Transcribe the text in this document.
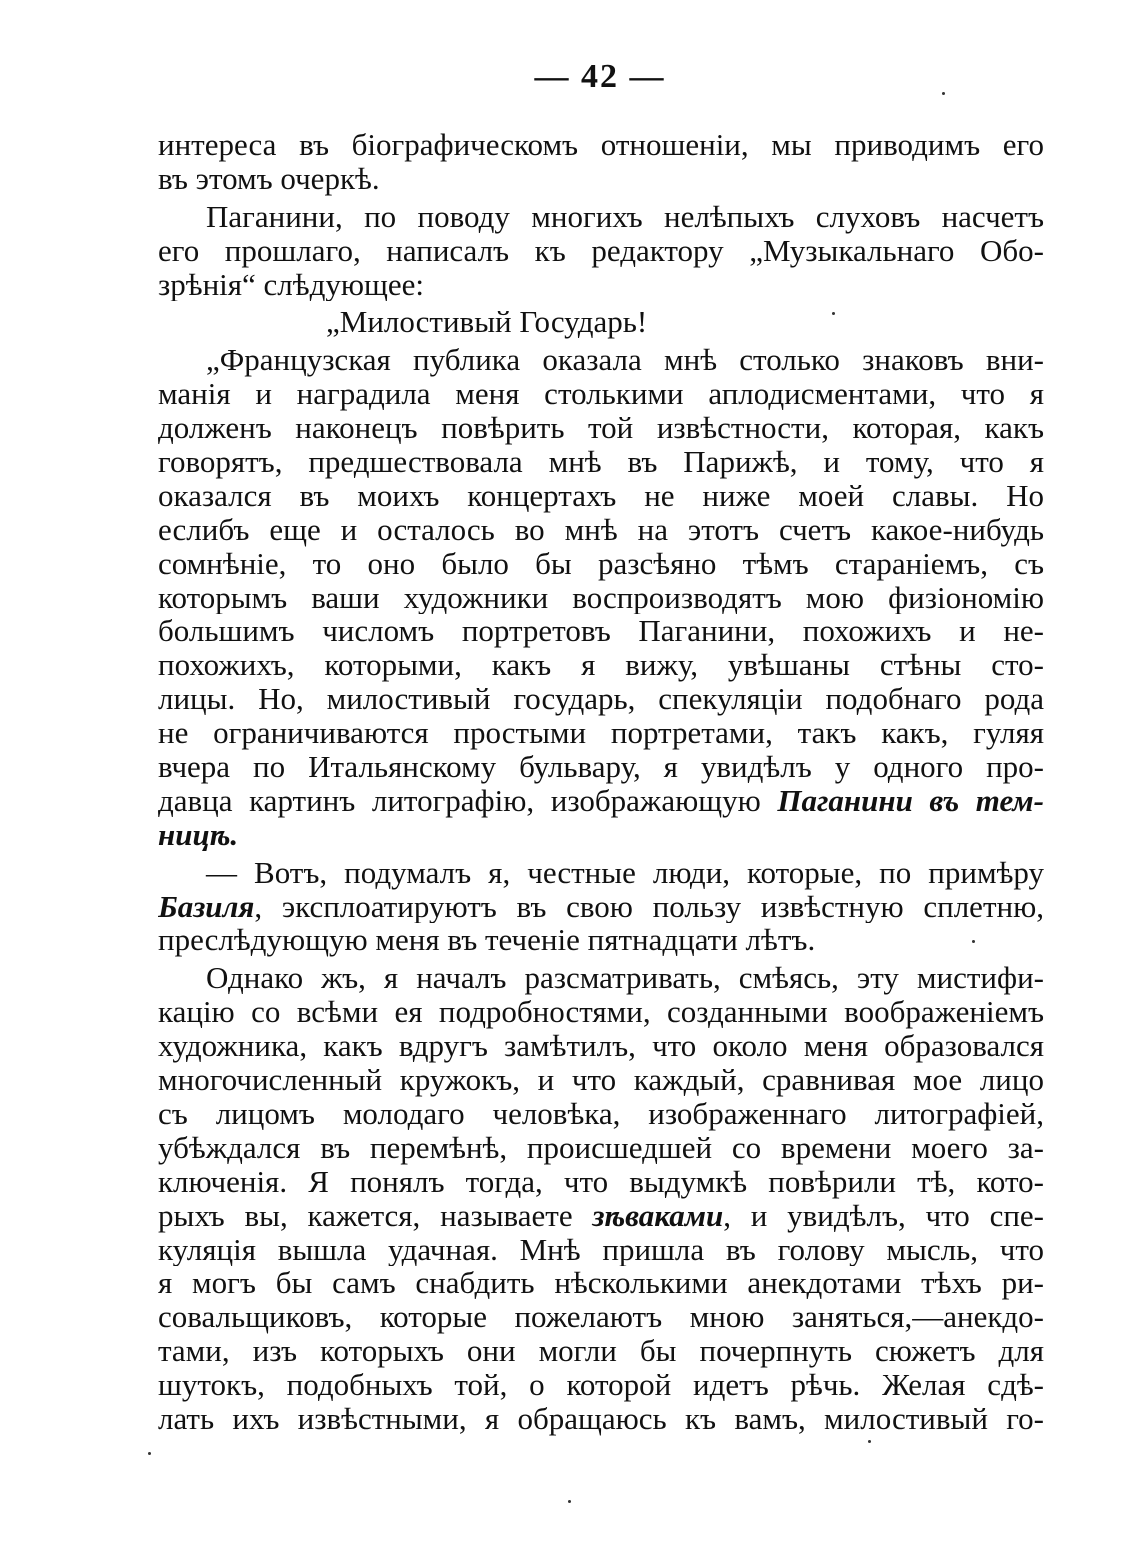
— 42 —
интереса въ біографическомъ отношеніи, мы приводимъ его
въ этомъ очеркѣ.
Паганини, по поводу многихъ нелѣпыхъ слуховъ насчетъ
его прошлаго, написалъ къ редактору „Музыкальнаго Обо-
зрѣнія“ слѣдующее:
„Милостивый Государь!
„Французская публика оказала мнѣ столько знаковъ вни-
манія и наградила меня столькими аплодисментами, что я
долженъ наконецъ повѣрить той извѣстности, которая, какъ
говорятъ, предшествовала мнѣ въ Парижѣ, и тому, что я
оказался въ моихъ концертахъ не ниже моей славы. Но
еслибъ еще и осталось во мнѣ на этотъ счетъ какое-нибудь
сомнѣніе, то оно было бы разсѣяно тѣмъ стараніемъ, съ
которымъ ваши художники воспроизводятъ мою физіономію
большимъ числомъ портретовъ Паганини, похожихъ и не-
похожихъ, которыми, какъ я вижу, увѣшаны стѣны сто-
лицы. Но, милостивый государь, спекуляціи подобнаго рода
не ограничиваются простыми портретами, такъ какъ, гуляя
вчера по Итальянскому бульвару, я увидѣлъ у одного про-
давца картинъ литографію, изображающую Паганини въ тем-
ницѣ.
— Вотъ, подумалъ я, честные люди, которые, по примѣру
Базиля, эксплоатируютъ въ свою пользу извѣстную сплетню,
преслѣдующую меня въ теченіе пятнадцати лѣтъ.
Однако жъ, я началъ разсматривать, смѣясь, эту мистифи-
кацію со всѣми ея подробностями, созданными воображеніемъ
художника, какъ вдругъ замѣтилъ, что около меня образовался
многочисленный кружокъ, и что каждый, сравнивая мое лицо
съ лицомъ молодаго человѣка, изображеннаго литографіей,
убѣждался въ перемѣнѣ, происшедшей со времени моего за-
ключенія. Я понялъ тогда, что выдумкѣ повѣрили тѣ, кото-
рыхъ вы, кажется, называете зѣваками, и увидѣлъ, что спе-
куляція вышла удачная. Мнѣ пришла въ голову мысль, что
я могъ бы самъ снабдить нѣсколькими анекдотами тѣхъ ри-
совальщиковъ, которые пожелаютъ мною заняться,—анекдо-
тами, изъ которыхъ они могли бы почерпнуть сюжетъ для
шутокъ, подобныхъ той, о которой идетъ рѣчь. Желая сдѣ-
лать ихъ извѣстными, я обращаюсь къ вамъ, милостивый го-
